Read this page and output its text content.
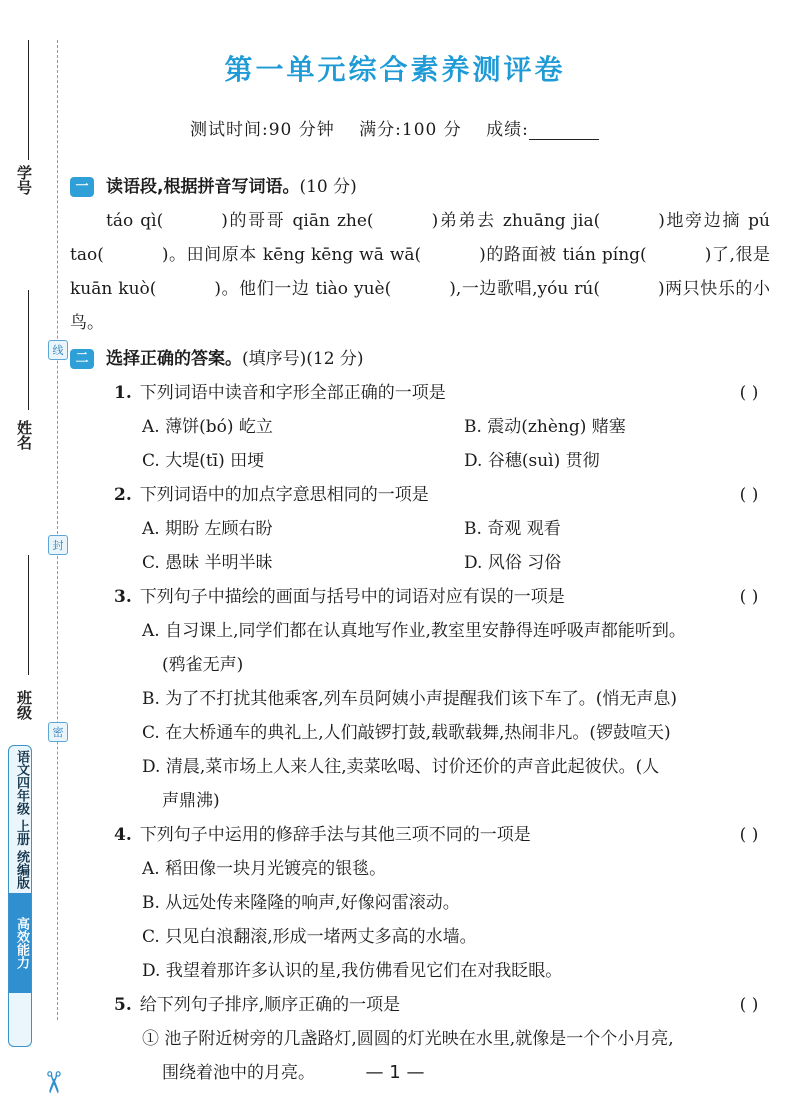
学号
姓名
班级
线
封
密
语文四年级 上册 统编版
高效能力
✂
第一单元综合素养测评卷
测试时间:90 分钟 满分:100 分 成绩:
一	读语段,根据拼音写词语。 (10 分)

táo qì(	)的哥哥 qiān zhe(	)弟弟去 zhuāng jia(	)地旁边摘 pú tao(	)。田间原本 kēng kēng wā wā(	)的路面被 tián píng(	)了,很是 kuān kuò(	)。他们一边 tiào yuè(	),一边歌唱,yóu rú(	)两只快乐的小鸟。

二	选择正确的答案。 (填序号)(12 分)
1. 下列词语中读音和字形全部正确的一项是	( )
A. 薄饼(bó) 屹立	B. 震动(zhèng) 赌塞
C. 大堤(tī) 田埂	D. 谷穗(suì) 贯彻
2. 下列词语中的加点字意思相同的一项是	( )
A. 期盼 左顾右盼	B. 奇观 观看
C. 愚昧 半明半昧	D. 风俗 习俗
3. 下列句子中描绘的画面与括号中的词语对应有误的一项是	( )
A. 自习课上,同学们都在认真地写作业,教室里安静得连呼吸声都能听到。
(鸦雀无声)
B. 为了不打扰其他乘客,列车员阿姨小声提醒我们该下车了。(悄无声息)
C. 在大桥通车的典礼上,人们敲锣打鼓,载歌载舞,热闹非凡。(锣鼓喧天)
D. 清晨,菜市场上人来人往,卖菜吆喝、讨价还价的声音此起彼伏。(人
声鼎沸)
4. 下列句子中运用的修辞手法与其他三项不同的一项是	( )
A. 稻田像一块月光镀亮的银毯。
B. 从远处传来隆隆的响声,好像闷雷滚动。
C. 只见白浪翻滚,形成一堵两丈多高的水墙。
D. 我望着那许多认识的星,我仿佛看见它们在对我眨眼。
5. 给下列句子排序,顺序正确的一项是	( )
① 池子附近树旁的几盏路灯,圆圆的灯光映在水里,就像是一个个小月亮,
围绕着池中的月亮。	— 1 —
